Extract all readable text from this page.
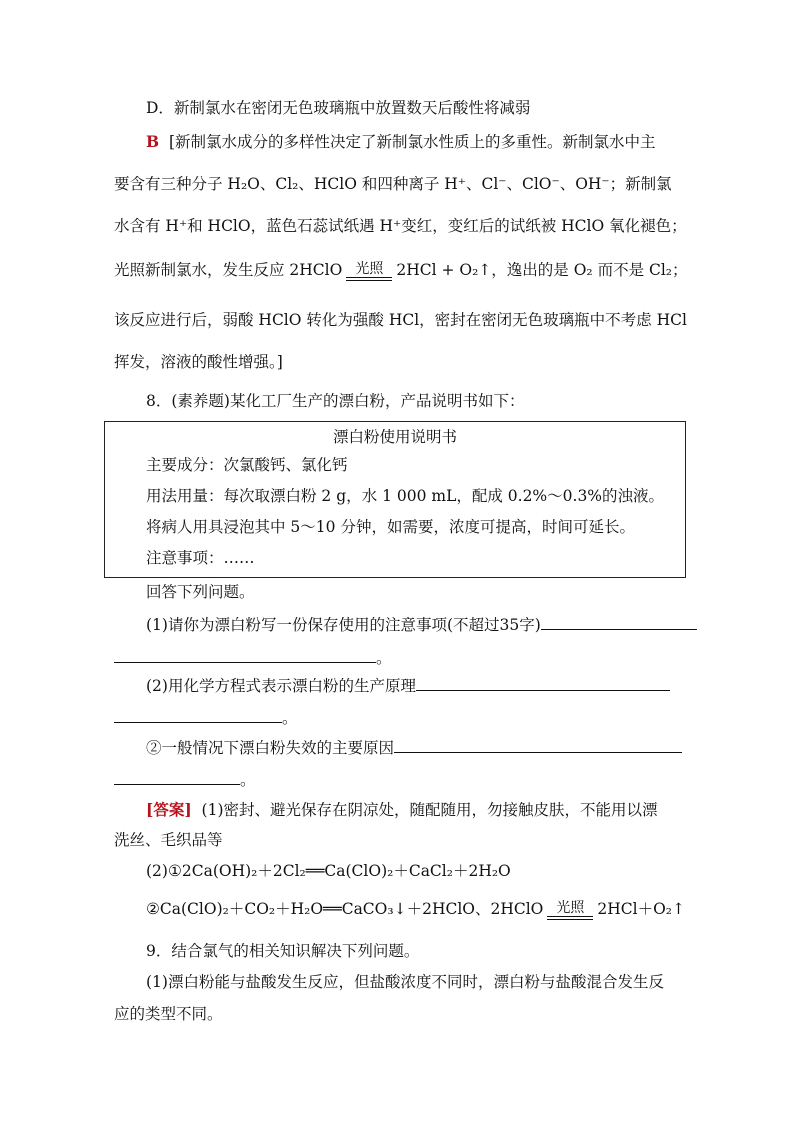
D．新制氯水在密闭无色玻璃瓶中放置数天后酸性将减弱
B [新制氯水成分的多样性决定了新制氯水性质上的多重性。新制氯水中主
要含有三种分子 H₂O、Cl₂、HClO 和四种离子 H⁺、Cl⁻、ClO⁻、OH⁻；新制氯
水含有 H⁺和 HClO，蓝色石蕊试纸遇 H⁺变红，变红后的试纸被 HClO 氧化褪色；
光照新制氯水，发生反应 2HClO 光照 2HCl + O₂↑，逸出的是 O₂ 而不是 Cl₂；
该反应进行后，弱酸 HClO 转化为强酸 HCl，密封在密闭无色玻璃瓶中不考虑 HCl
挥发，溶液的酸性增强。]
8．(素养题)某化工厂生产的漂白粉，产品说明书如下：
漂白粉使用说明书
主要成分：次氯酸钙、氯化钙
用法用量：每次取漂白粉 2 g，水 1 000 mL，配成 0.2%～0.3%的浊液。
将病人用具浸泡其中 5～10 分钟，如需要，浓度可提高，时间可延长。
注意事项：……
回答下列问题。
(1)请你为漂白粉写一份保存使用的注意事项(不超过35字)
。
(2)用化学方程式表示漂白粉的生产原理
。
②一般情况下漂白粉失效的主要原因
。
[答案] (1)密封、避光保存在阴凉处，随配随用，勿接触皮肤，不能用以漂
洗丝、毛织品等
(2)①2Ca(OH)₂＋2Cl₂══Ca(ClO)₂＋CaCl₂＋2H₂O
②Ca(ClO)₂＋CO₂＋H₂O══CaCO₃↓＋2HClO、2HClO 光照 2HCl＋O₂↑
9．结合氯气的相关知识解决下列问题。
(1)漂白粉能与盐酸发生反应，但盐酸浓度不同时，漂白粉与盐酸混合发生反
应的类型不同。
